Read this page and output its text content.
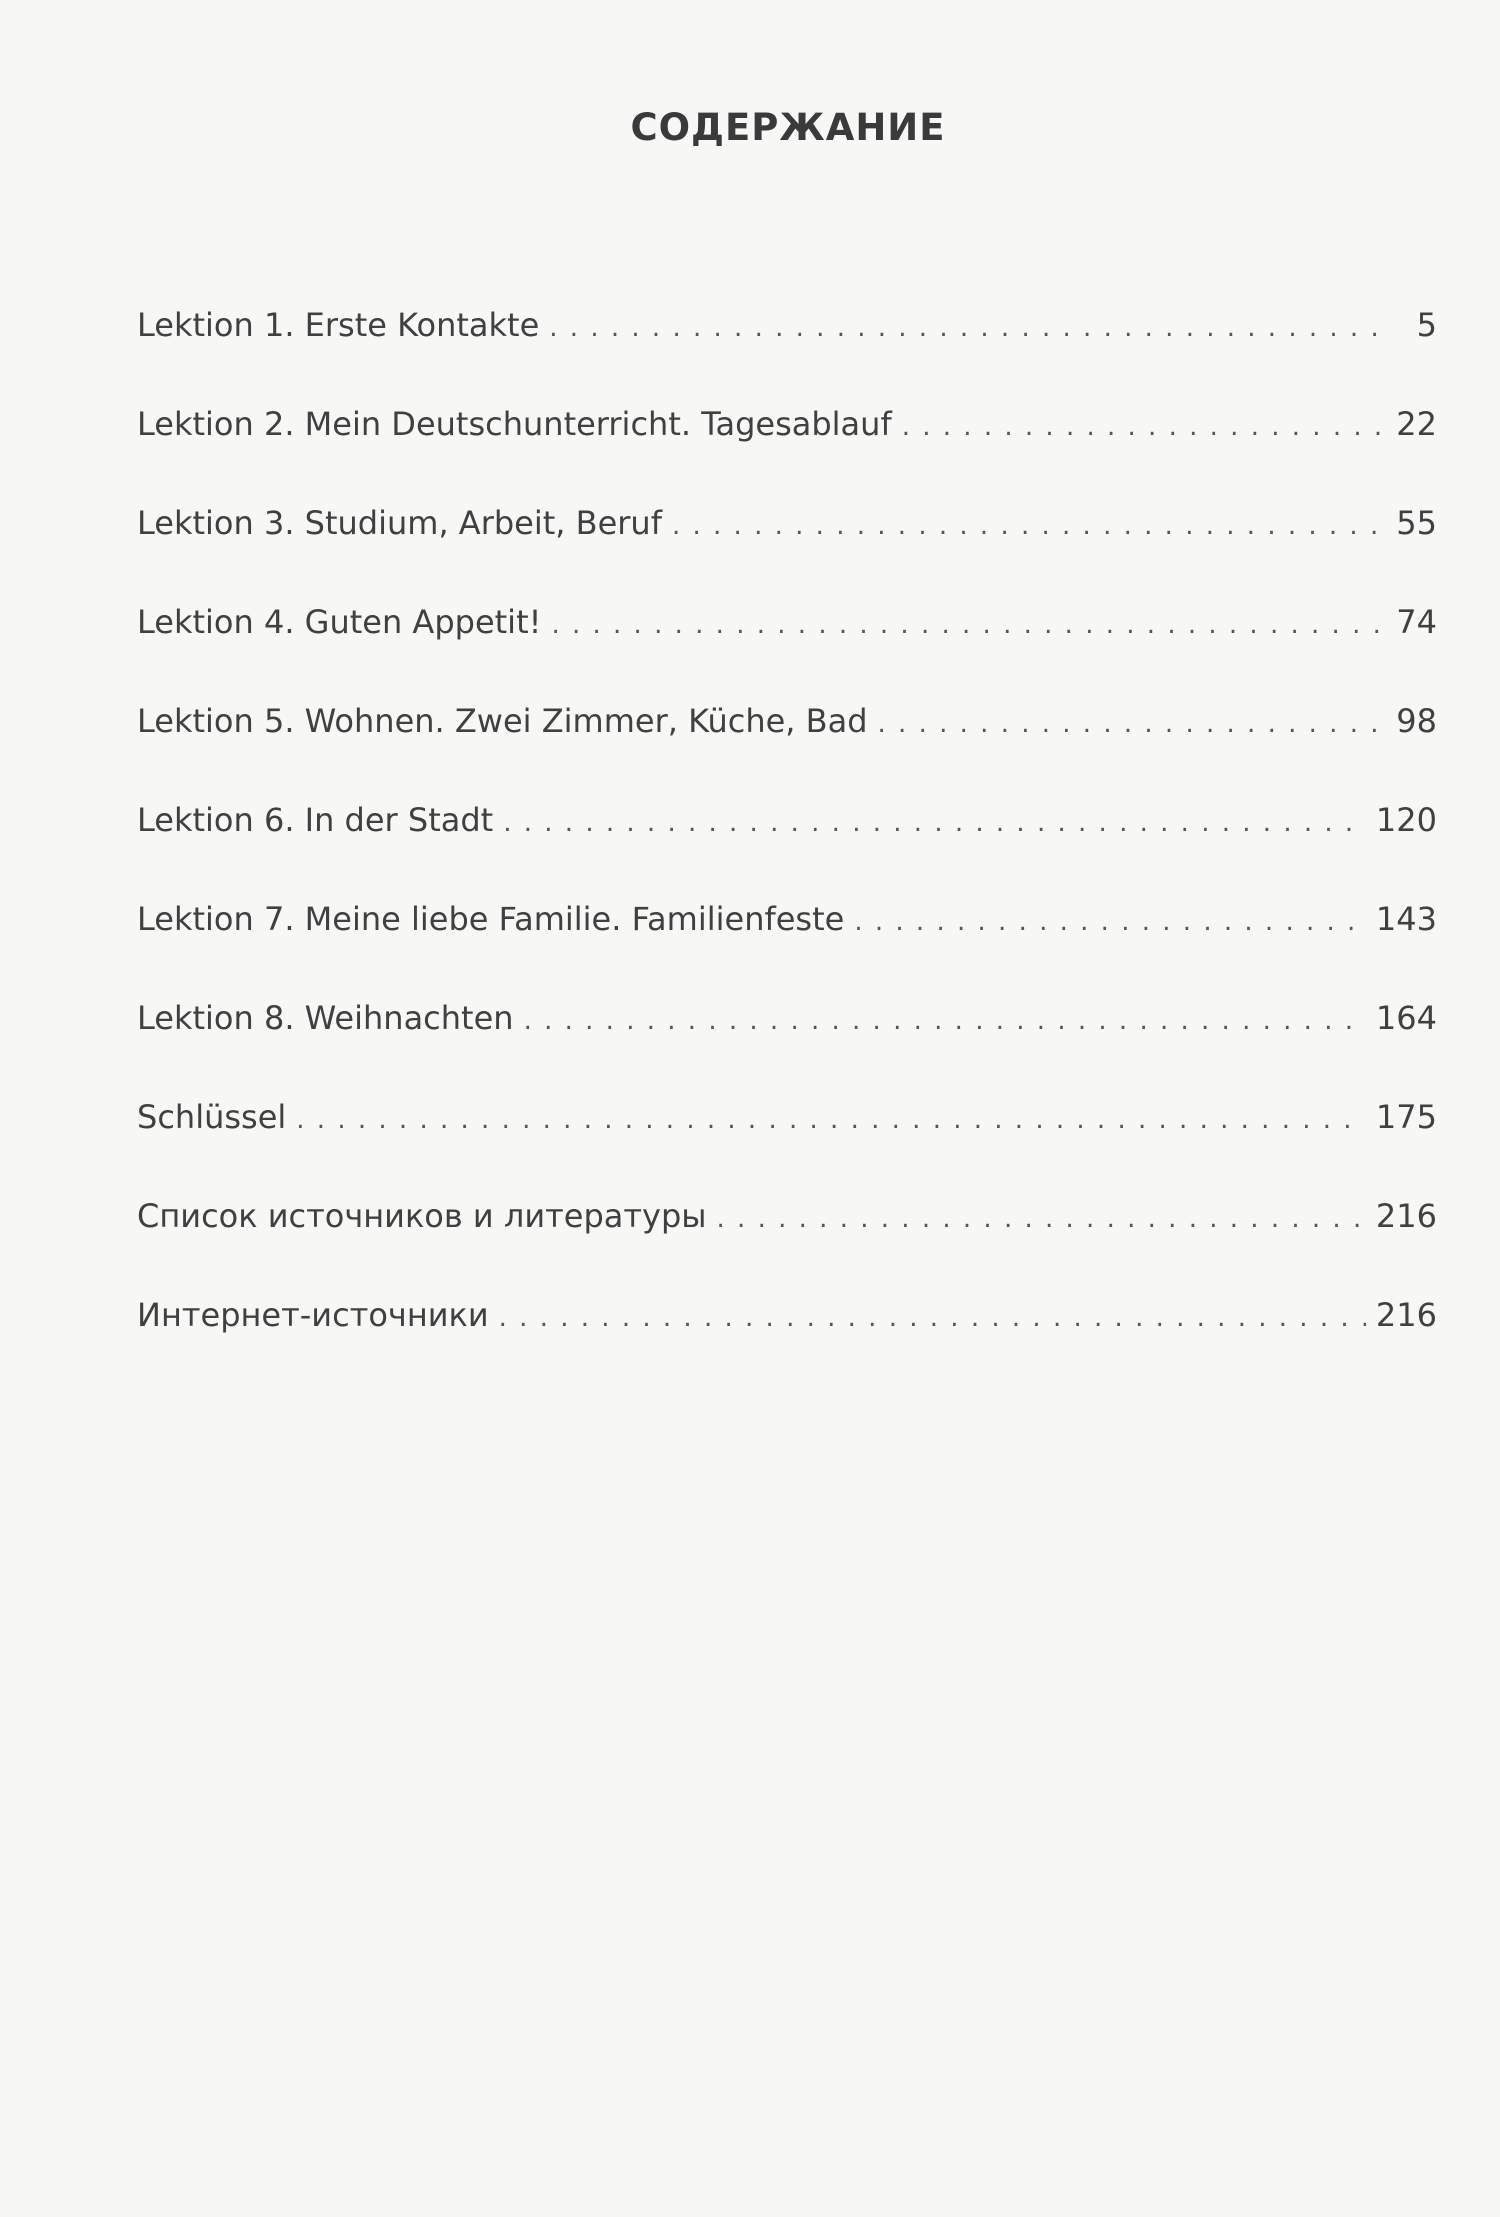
СОДЕРЖАНИЕ
Lektion 1. Erste Kontakte . . .	5
Lektion 2. Mein Deutschunterricht. Tagesablauf . . .	22
Lektion 3. Studium, Arbeit, Beruf . . .	55
Lektion 4. Guten Appetit! . . .	74
Lektion 5. Wohnen. Zwei Zimmer, Küche, Bad . . .	98
Lektion 6. In der Stadt . . .	120
Lektion 7. Meine liebe Familie. Familienfeste . . .	143
Lektion 8. Weihnachten . . .	164
Schlüssel . . .	175
Список источников и литературы . . .	216
Интернет-источники . . .	216
